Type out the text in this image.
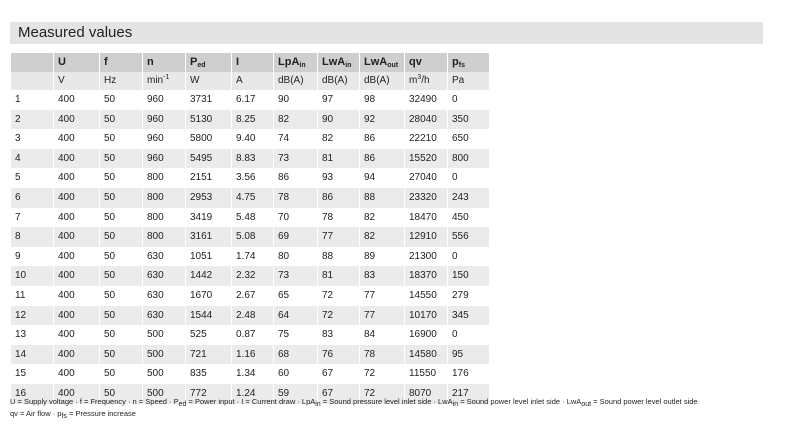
Measured values
	U	f	n	$P_{ed}$	I	LpA$_{in}$	LwA$_{in}$	LwA$_{out}$	qv	$p_{fs}$
	V	Hz	$\min^{-1}$	W	A	dB(A)	dB(A)	dB(A)	$m^3/h$	Pa
1	400	50	960	3731	6.17	90	97	98	32490	0
2	400	50	960	5130	8.25	82	90	92	28040	350
3	400	50	960	5800	9.40	74	82	86	22210	650
4	400	50	960	5495	8.83	73	81	86	15520	800
5	400	50	800	2151	3.56	86	93	94	27040	0
6	400	50	800	2953	4.75	78	86	88	23320	243
7	400	50	800	3419	5.48	70	78	82	18470	450
8	400	50	800	3161	5.08	69	77	82	12910	556
9	400	50	630	1051	1.74	80	88	89	21300	0
10	400	50	630	1442	2.32	73	81	83	18370	150
11	400	50	630	1670	2.67	65	72	77	14550	279
12	400	50	630	1544	2.48	64	72	77	10170	345
13	400	50	500	525	0.87	75	83	84	16900	0
14	400	50	500	721	1.16	68	76	78	14580	95
15	400	50	500	835	1.34	60	67	72	11550	176
16	400	50	500	772	1.24	59	67	72	8070	217
U = Supply voltage · f = Frequency · n = Speed · $P_{ed}$ = Power input · I = Current draw · LpA$_{in}$ = Sound pressure level inlet side · LwA$_{in}$ = Sound power level inlet side · LwA$_{out}$ = Sound power level outlet side
qv = Air flow · $p_{fs}$ = Pressure increase
